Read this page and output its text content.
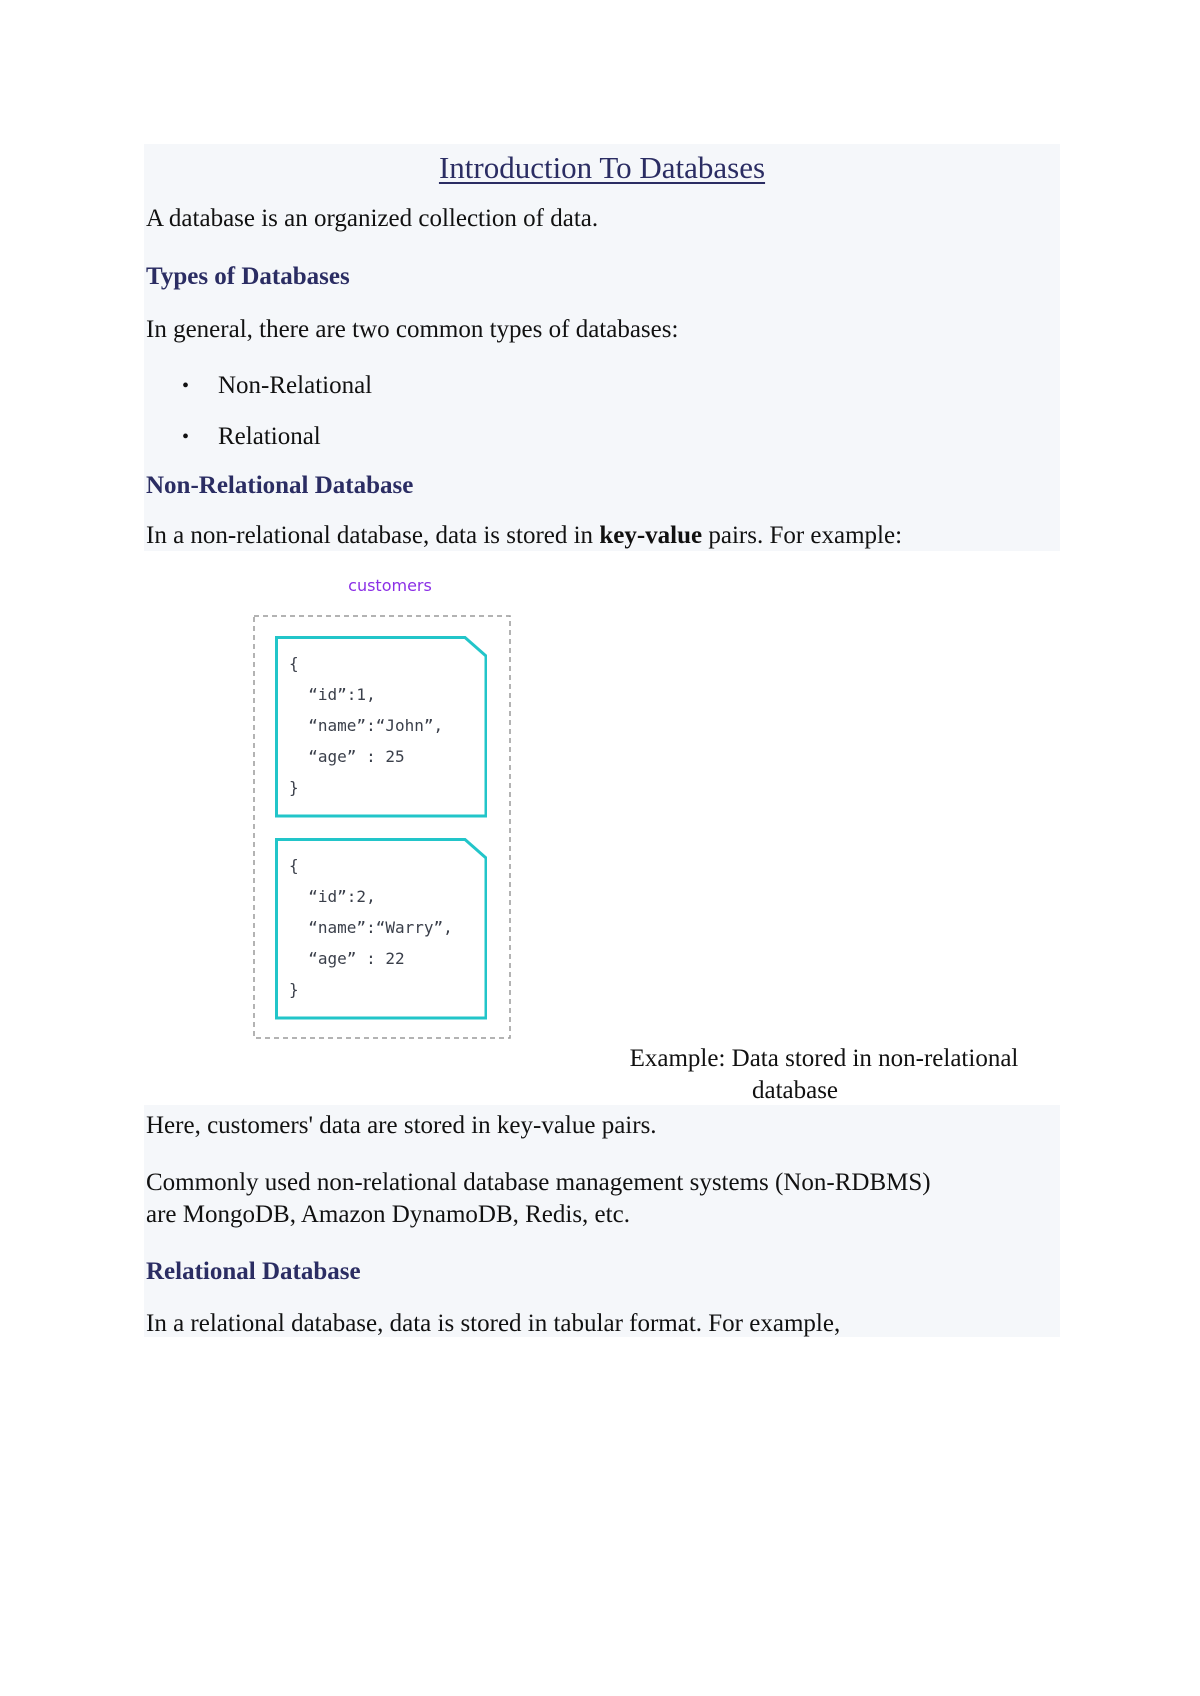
Introduction To Databases
A database is an organized collection of data.
Types of Databases
In general, there are two common types of databases:
• Non-Relational
• Relational
Non-Relational Database
In a non-relational database, data is stored in key-value pairs. For example:
customers
{
“id”:1,
“name”:“John”,
“age” : 25
}
{
“id”:2,
“name”:“Warry”,
“age” : 22
}
Example: Data stored in non-relational
database
Here, customers' data are stored in key-value pairs.
Commonly used non-relational database management systems (Non-RDBMS)
are MongoDB, Amazon DynamoDB, Redis, etc.
Relational Database
In a relational database, data is stored in tabular format. For example,
